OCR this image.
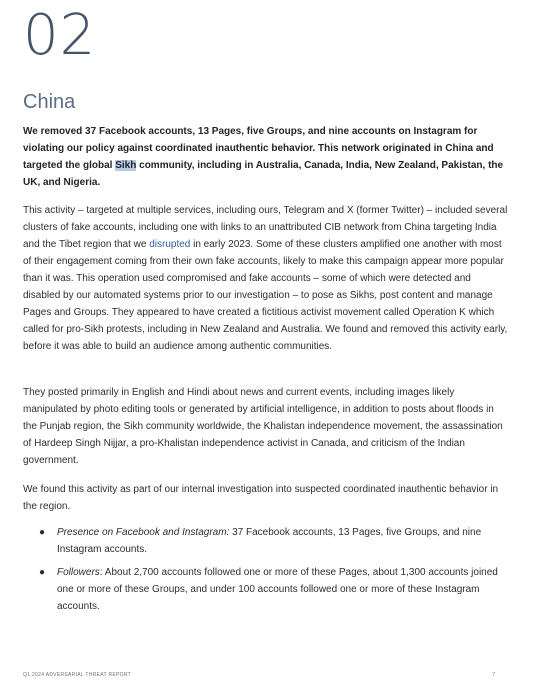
02
China

We removed 37 Facebook accounts, 13 Pages, five Groups, and nine accounts on Instagram for violating our policy against coordinated inauthentic behavior. This network originated in China and targeted the global Sikh community, including in Australia, Canada, India, New Zealand, Pakistan, the UK, and Nigeria.

This activity – targeted at multiple services, including ours, Telegram and X (former Twitter) – included several clusters of fake accounts, including one with links to an unattributed CIB network from China targeting India and the Tibet region that we disrupted in early 2023. Some of these clusters amplified one another with most of their engagement coming from their own fake accounts, likely to make this campaign appear more popular than it was. This operation used compromised and fake accounts – some of which were detected and disabled by our automated systems prior to our investigation – to pose as Sikhs, post content and manage Pages and Groups. They appeared to have created a fictitious activist movement called Operation K which called for pro-Sikh protests, including in New Zealand and Australia. We found and removed this activity early, before it was able to build an audience among authentic communities.

They posted primarily in English and Hindi about news and current events, including images likely manipulated by photo editing tools or generated by artificial intelligence, in addition to posts about floods in the Punjab region, the Sikh community worldwide, the Khalistan independence movement, the assassination of Hardeep Singh Nijjar, a pro-Khalistan independence activist in Canada, and criticism of the Indian government.

We found this activity as part of our internal investigation into suspected coordinated inauthentic behavior in the region.

● Presence on Facebook and Instagram: 37 Facebook accounts, 13 Pages, five Groups, and nine Instagram accounts.
● Followers: About 2,700 accounts followed one or more of these Pages, about 1,300 accounts joined one or more of these Groups, and under 100 accounts followed one or more of these Instagram accounts.
Q1 2024 ADVERSARIAL THREAT REPORT	7
